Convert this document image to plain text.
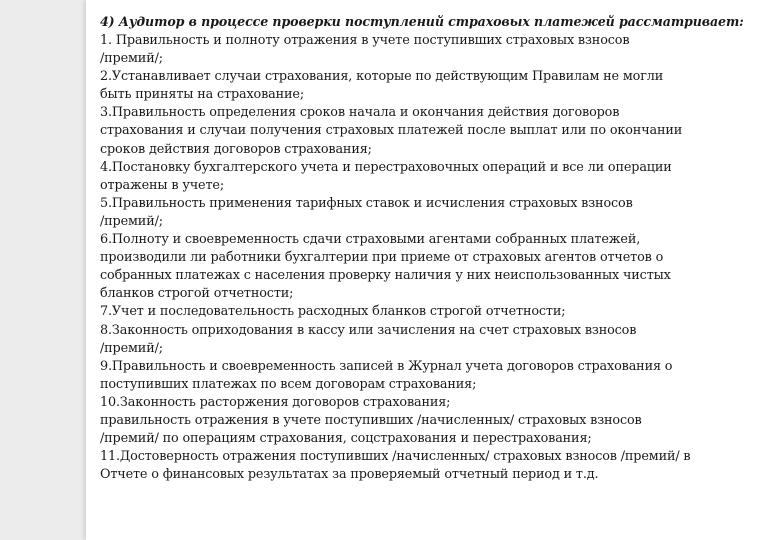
4) Аудитор в процессе проверки поступлений страховых платежей рассматривает:
1. Правильность и полноту отражения в учете поступивших страховых взносов
/премий/;
2.Устанавливает случаи страхования, которые по действующим Правилам не могли
быть приняты на страхование;
3.Правильность определения сроков начала и окончания действия договоров
страхования и случаи получения страховых платежей после выплат или по окончании
сроков действия договоров страхования;
4.Постановку бухгалтерского учета и перестраховочных операций и все ли операции
отражены в учете;
5.Правильность применения тарифных ставок и исчисления страховых взносов
/премий/;
6.Полноту и своевременность сдачи страховыми агентами собранных платежей,
производили ли работники бухгалтерии при приеме от страховых агентов отчетов о
собранных платежах с населения проверку наличия у них неиспользованных чистых
бланков строгой отчетности;
7.Учет и последовательность расходных бланков строгой отчетности;
8.Законность оприходования в кассу или зачисления на счет страховых взносов
/премий/;
9.Правильность и своевременность записей в Журнал учета договоров страхования о
поступивших платежах по всем договорам страхования;
10.Законность расторжения договоров страхования;
правильность отражения в учете поступивших /начисленных/ страховых взносов
/премий/ по операциям страхования, соцстрахования и перестрахования;
11.Достоверность отражения поступивших /начисленных/ страховых взносов /премий/ в
Отчете о финансовых результатах за проверяемый отчетный период и т.д.
